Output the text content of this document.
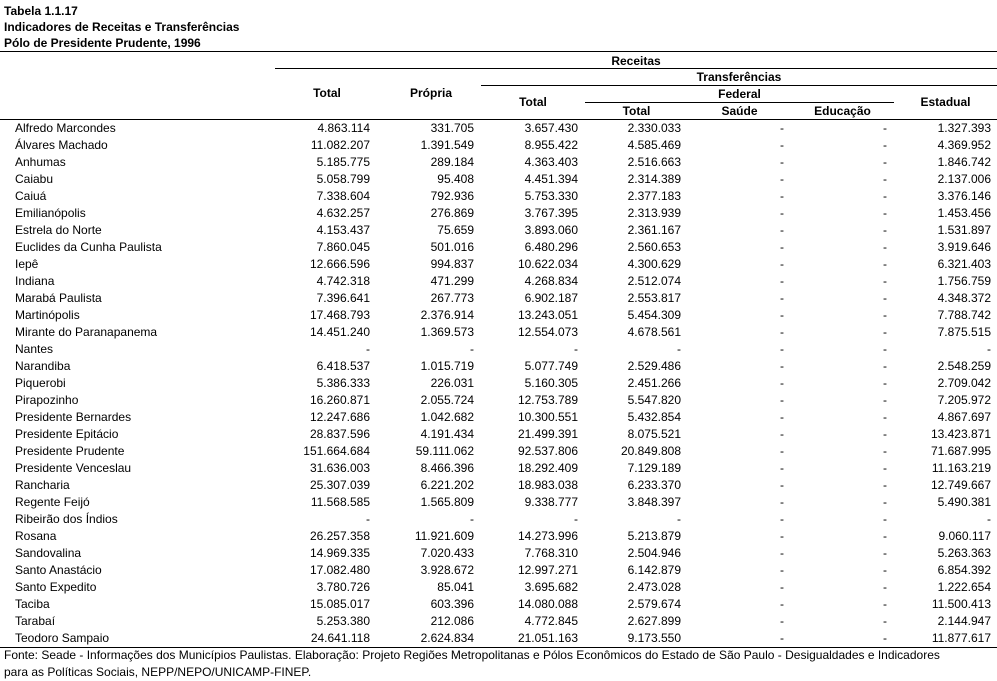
Tabela 1.1.17
Indicadores de Receitas e Transferências
Pólo de Presidente Prudente, 1996
Receitas
Total	Própria
Transferências
Total
Federal
Total	Saúde	Educação
Estadual
Alfredo Marcondes	4.863.114	331.705	3.657.430	2.330.033	-	-	1.327.393
Álvares Machado	11.082.207	1.391.549	8.955.422	4.585.469	-	-	4.369.952
Anhumas	5.185.775	289.184	4.363.403	2.516.663	-	-	1.846.742
Caiabu	5.058.799	95.408	4.451.394	2.314.389	-	-	2.137.006
Caiuá	7.338.604	792.936	5.753.330	2.377.183	-	-	3.376.146
Emilianópolis	4.632.257	276.869	3.767.395	2.313.939	-	-	1.453.456
Estrela do Norte	4.153.437	75.659	3.893.060	2.361.167	-	-	1.531.897
Euclides da Cunha Paulista	7.860.045	501.016	6.480.296	2.560.653	-	-	3.919.646
Iepê	12.666.596	994.837	10.622.034	4.300.629	-	-	6.321.403
Indiana	4.742.318	471.299	4.268.834	2.512.074	-	-	1.756.759
Marabá Paulista	7.396.641	267.773	6.902.187	2.553.817	-	-	4.348.372
Martinópolis	17.468.793	2.376.914	13.243.051	5.454.309	-	-	7.788.742
Mirante do Paranapanema	14.451.240	1.369.573	12.554.073	4.678.561	-	-	7.875.515
Nantes	-	-	-	-	-	-	-
Narandiba	6.418.537	1.015.719	5.077.749	2.529.486	-	-	2.548.259
Piquerobi	5.386.333	226.031	5.160.305	2.451.266	-	-	2.709.042
Pirapozinho	16.260.871	2.055.724	12.753.789	5.547.820	-	-	7.205.972
Presidente Bernardes	12.247.686	1.042.682	10.300.551	5.432.854	-	-	4.867.697
Presidente Epitácio	28.837.596	4.191.434	21.499.391	8.075.521	-	-	13.423.871
Presidente Prudente	151.664.684	59.111.062	92.537.806	20.849.808	-	-	71.687.995
Presidente Venceslau	31.636.003	8.466.396	18.292.409	7.129.189	-	-	11.163.219
Rancharia	25.307.039	6.221.202	18.983.038	6.233.370	-	-	12.749.667
Regente Feijó	11.568.585	1.565.809	9.338.777	3.848.397	-	-	5.490.381
Ribeirão dos Índios	-	-	-	-	-	-	-
Rosana	26.257.358	11.921.609	14.273.996	5.213.879	-	-	9.060.117
Sandovalina	14.969.335	7.020.433	7.768.310	2.504.946	-	-	5.263.363
Santo Anastácio	17.082.480	3.928.672	12.997.271	6.142.879	-	-	6.854.392
Santo Expedito	3.780.726	85.041	3.695.682	2.473.028	-	-	1.222.654
Taciba	15.085.017	603.396	14.080.088	2.579.674	-	-	11.500.413
Tarabaí	5.253.380	212.086	4.772.845	2.627.899	-	-	2.144.947
Teodoro Sampaio	24.641.118	2.624.834	21.051.163	9.173.550	-	-	11.877.617
Fonte: Seade - Informações dos Municípios Paulistas. Elaboração: Projeto Regiões Metropolitanas e Pólos Econômicos do Estado de São Paulo - Desigualdades e Indicadores para as Políticas Sociais, NEPP/NEPO/UNICAMP-FINEP.
